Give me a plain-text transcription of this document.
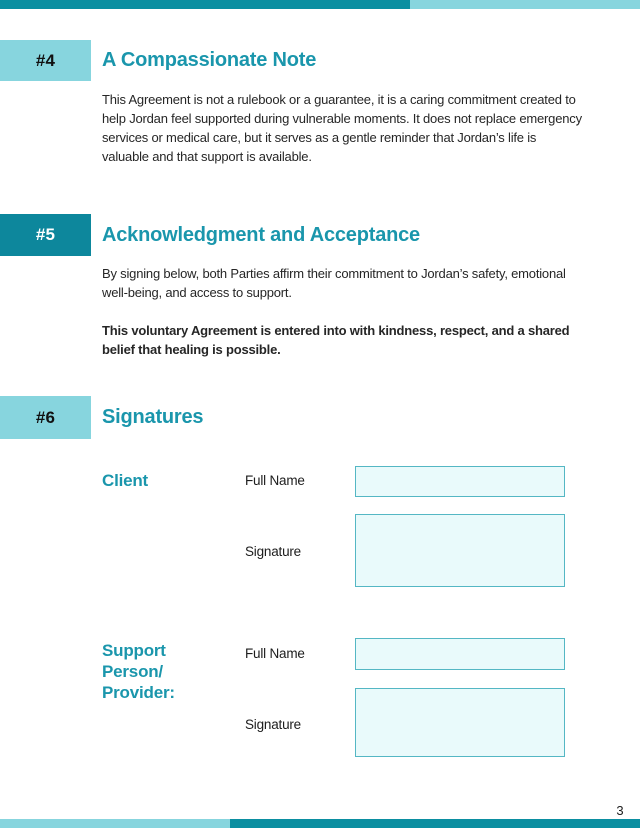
#4 A Compassionate Note
This Agreement is not a rulebook or a guarantee, it is a caring commitment created to help Jordan feel supported during vulnerable moments. It does not replace emergency services or medical care, but it serves as a gentle reminder that Jordan’s life is valuable and that support is available.
#5 Acknowledgment and Acceptance
By signing below, both Parties affirm their commitment to Jordan’s safety, emotional well-being, and access to support.
This voluntary Agreement is entered into with kindness, respect, and a shared belief that healing is possible.
#6 Signatures
Client	Full Name
Signature
Support Person/ Provider:
Full Name
Signature
3
